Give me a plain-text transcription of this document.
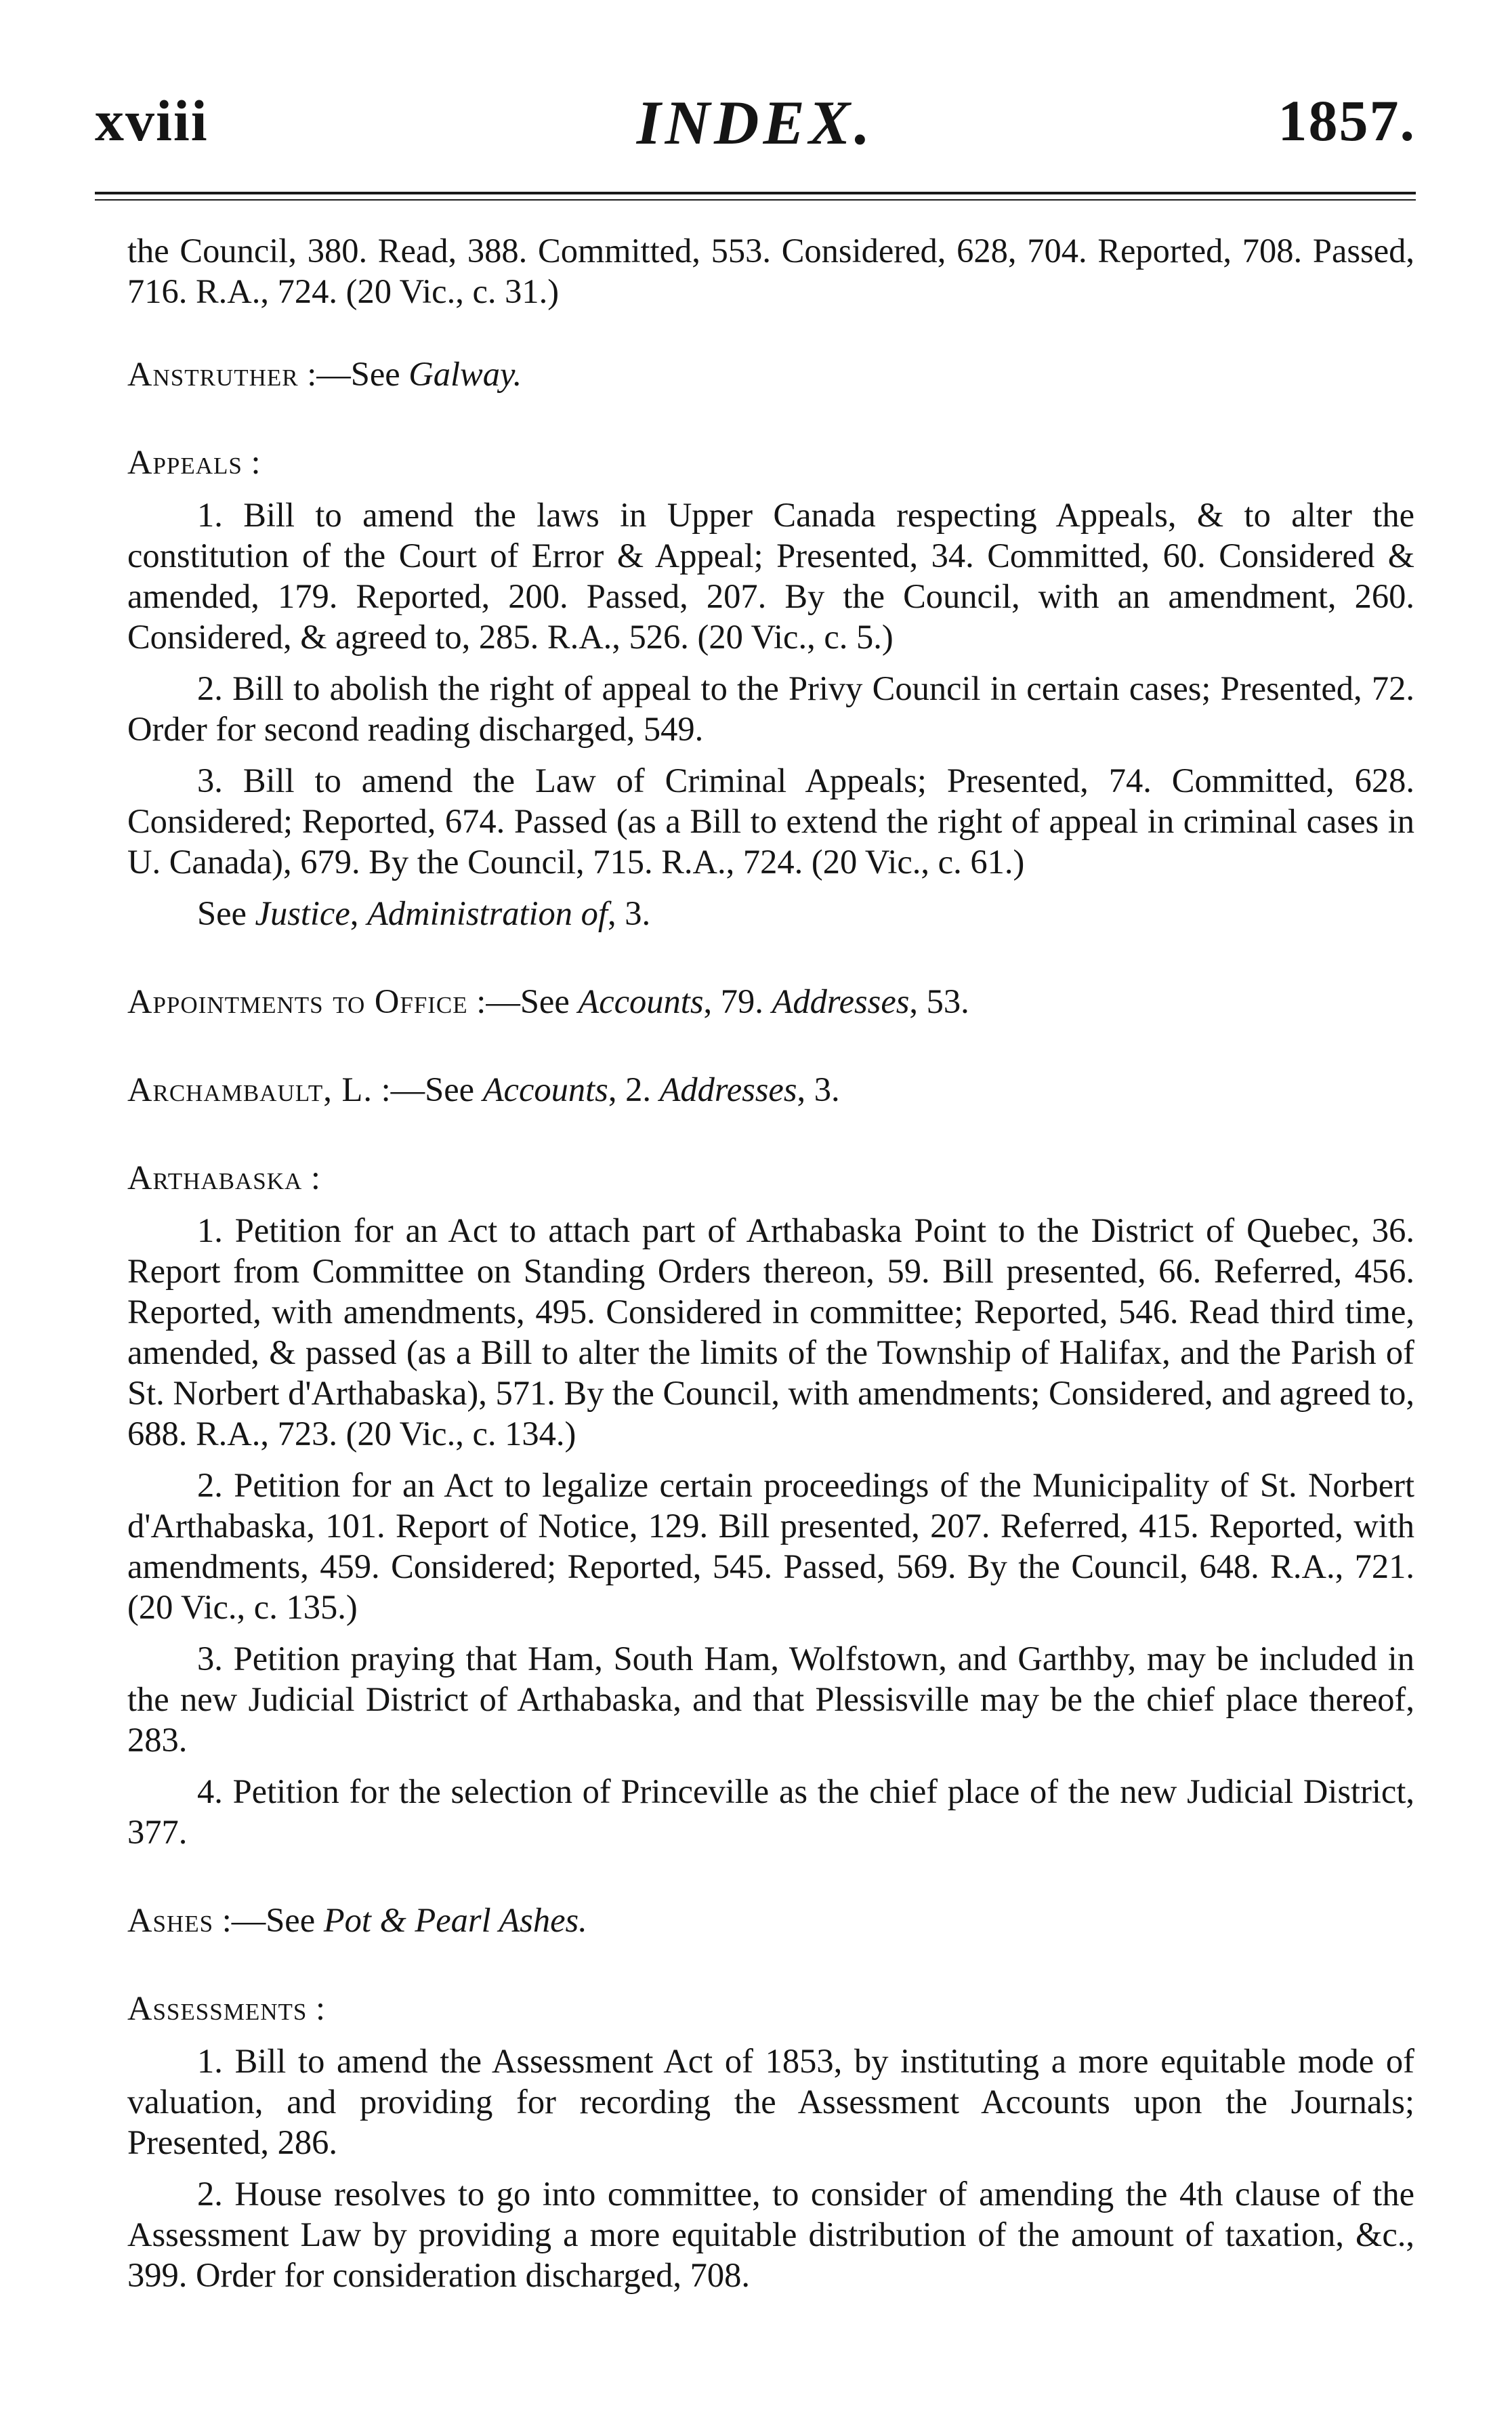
xviii	INDEX.	1857.

the Council, 380. Read, 388. Committed, 553. Considered, 628, 704. Reported, 708. Passed, 716. R.A., 724. (20 Vic., c. 31.)

Anstruther :—See Galway.

Appeals :

1. Bill to amend the laws in Upper Canada respecting Appeals, & to alter the constitution of the Court of Error & Appeal; Presented, 34. Committed, 60. Considered & amended, 179. Reported, 200. Passed, 207. By the Council, with an amendment, 260. Considered, & agreed to, 285. R.A., 526. (20 Vic., c. 5.)

2. Bill to abolish the right of appeal to the Privy Council in certain cases; Presented, 72. Order for second reading discharged, 549.

3. Bill to amend the Law of Criminal Appeals; Presented, 74. Committed, 628. Considered; Reported, 674. Passed (as a Bill to extend the right of appeal in criminal cases in U. Canada), 679. By the Council, 715. R.A., 724. (20 Vic., c. 61.)

See Justice, Administration of, 3.

Appointments to Office :—See Accounts, 79. Addresses, 53.

Archambault, L. :—See Accounts, 2. Addresses, 3.

Arthabaska :

1. Petition for an Act to attach part of Arthabaska Point to the District of Quebec, 36. Report from Committee on Standing Orders thereon, 59. Bill presented, 66. Referred, 456. Reported, with amendments, 495. Considered in committee; Reported, 546. Read third time, amended, & passed (as a Bill to alter the limits of the Township of Halifax, and the Parish of St. Norbert d'Arthabaska), 571. By the Council, with amendments; Considered, and agreed to, 688. R.A., 723. (20 Vic., c. 134.)

2. Petition for an Act to legalize certain proceedings of the Municipality of St. Norbert d'Arthabaska, 101. Report of Notice, 129. Bill presented, 207. Referred, 415. Reported, with amendments, 459. Considered; Reported, 545. Passed, 569. By the Council, 648. R.A., 721. (20 Vic., c. 135.)

3. Petition praying that Ham, South Ham, Wolfstown, and Garthby, may be included in the new Judicial District of Arthabaska, and that Plessisville may be the chief place thereof, 283.

4. Petition for the selection of Princeville as the chief place of the new Judicial District, 377.

Ashes :—See Pot & Pearl Ashes.

Assessments :

1. Bill to amend the Assessment Act of 1853, by instituting a more equitable mode of valuation, and providing for recording the Assessment Accounts upon the Journals; Presented, 286.

2. House resolves to go into committee, to consider of amending the 4th clause of the Assessment Law by providing a more equitable distribution of the amount of taxation, &c., 399. Order for consideration discharged, 708.
